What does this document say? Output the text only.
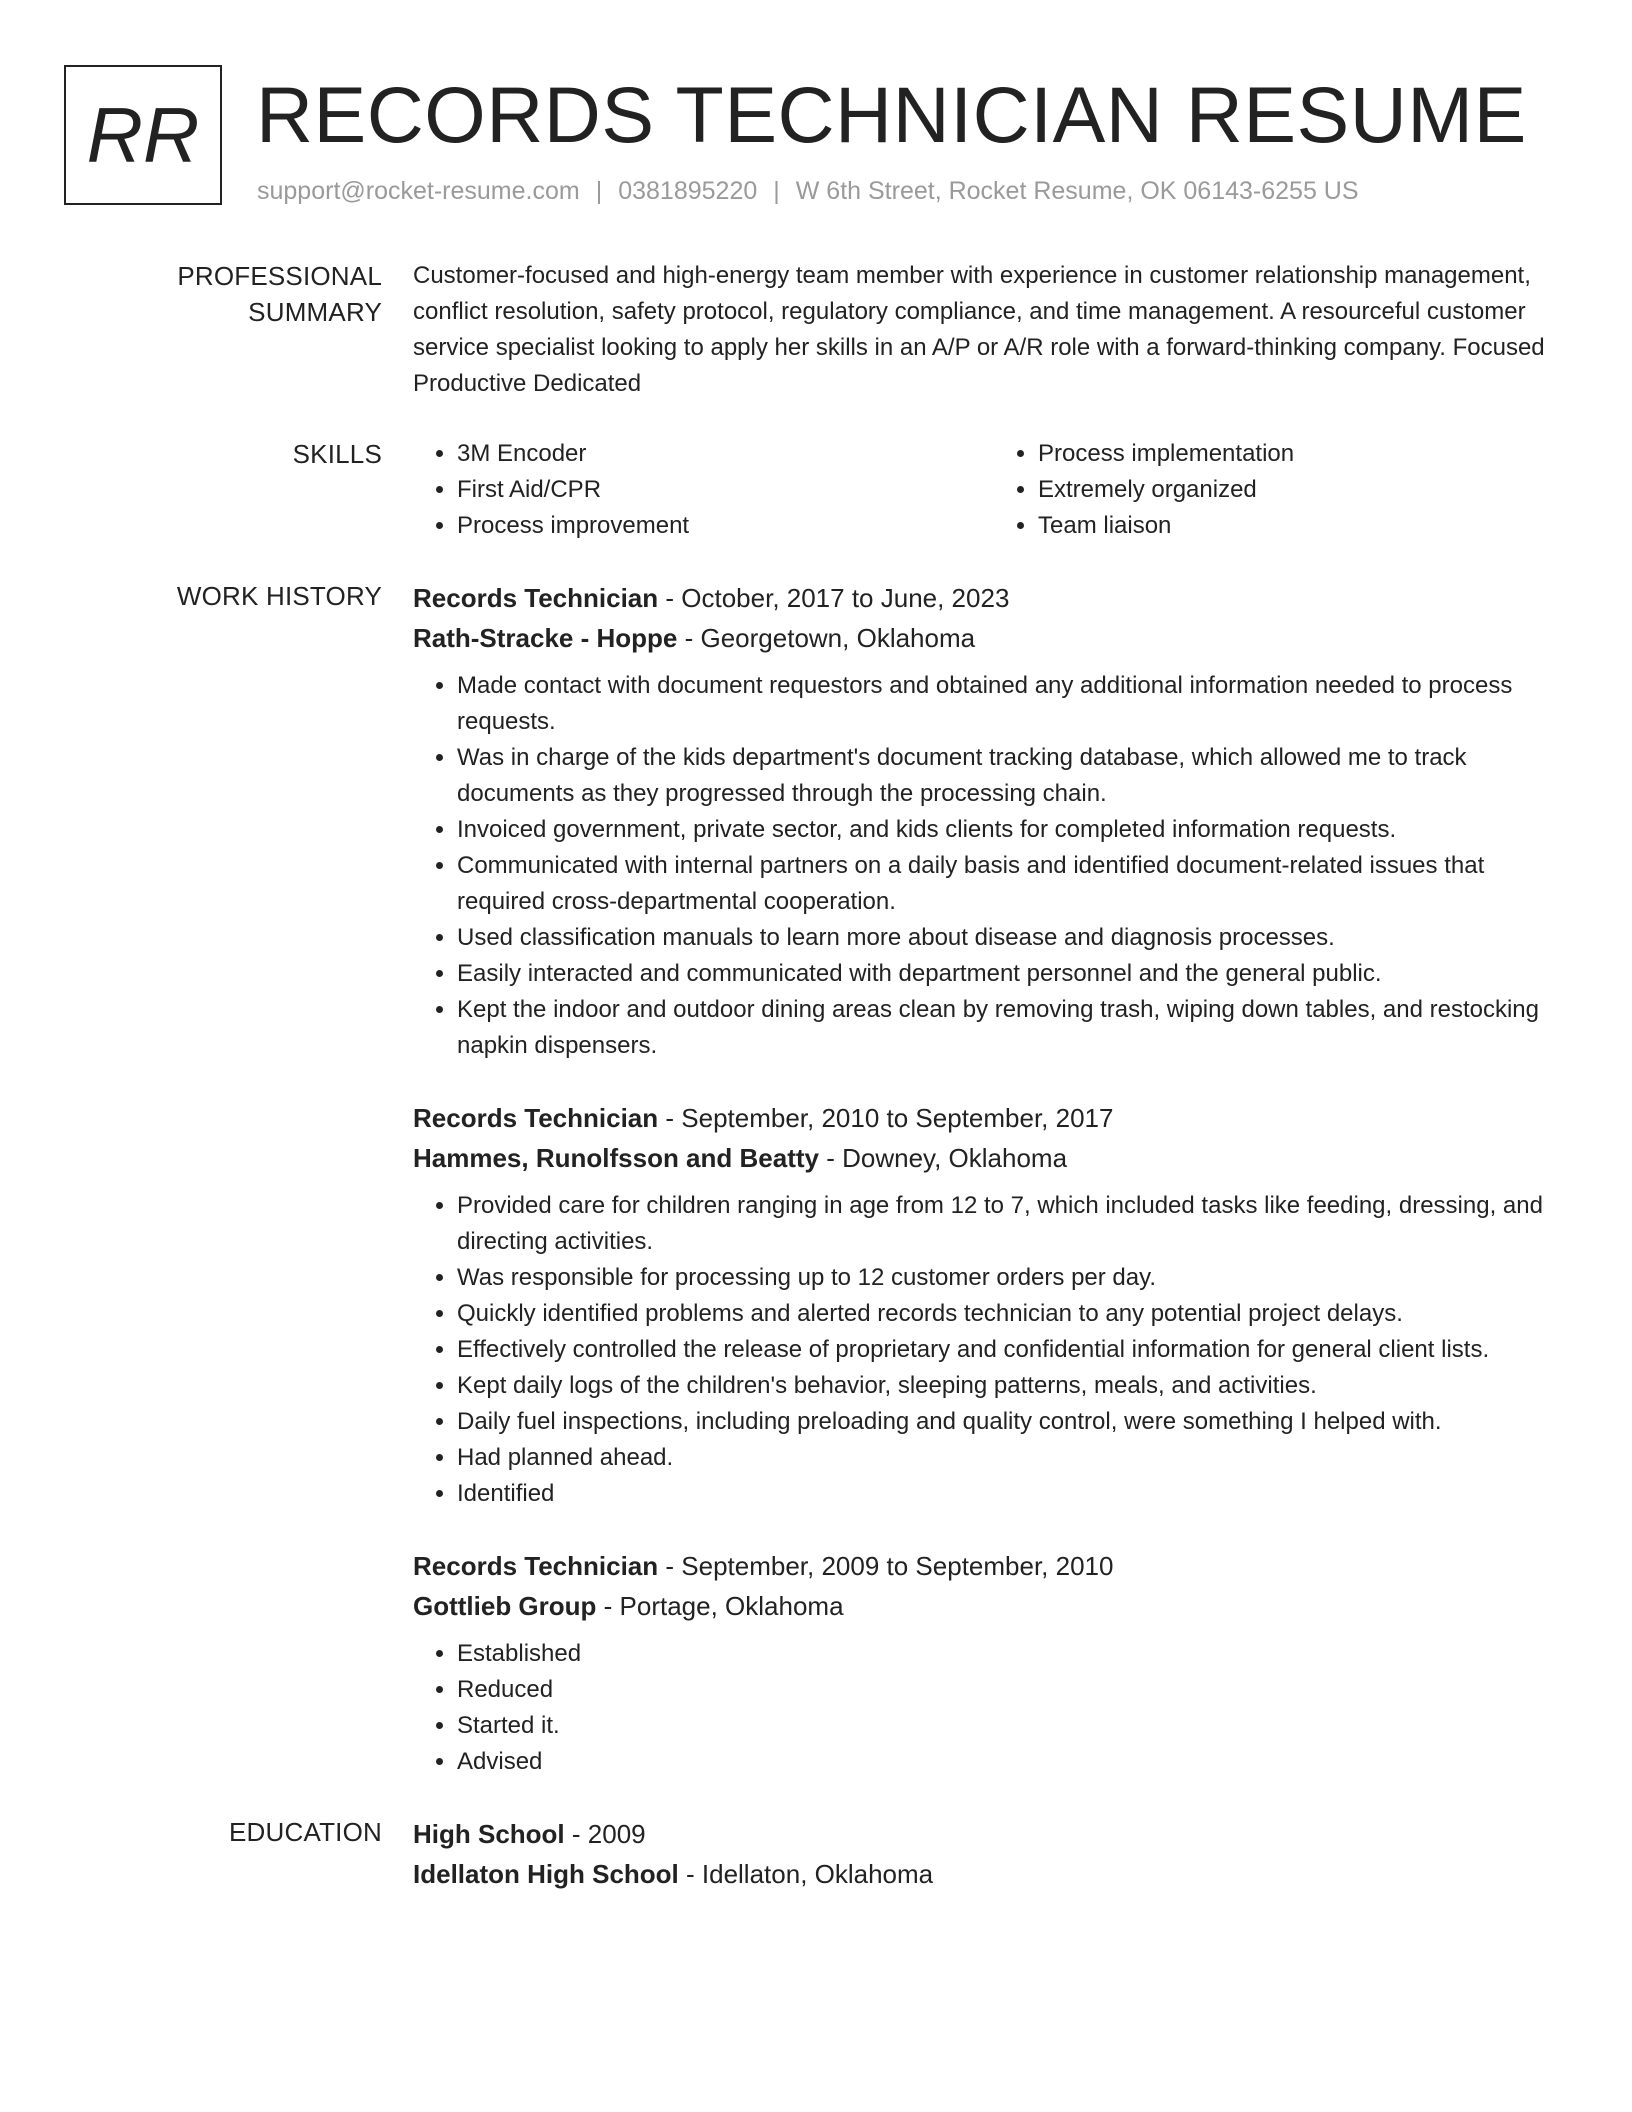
RR RECORDS TECHNICIAN RESUME
support@rocket-resume.com | 0381895220 | W 6th Street, Rocket Resume, OK 06143-6255 US
PROFESSIONAL SUMMARY

Customer-focused and high-energy team member with experience in customer relationship management, conflict resolution, safety protocol, regulatory compliance, and time management. A resourceful customer service specialist looking to apply her skills in an A/P or A/R role with a forward-thinking company. Focused Productive Dedicated

SKILLS
•	3M Encoder
• First Aid/CPR
• Process improvement
• Process implementation
• Extremely organized
• Team liaison
WORK HISTORY	Records Technician - October, 2017 to June, 2023
Rath-Stracke - Hoppe - Georgetown, Oklahoma
• Made contact with document requestors and obtained any additional information needed to process requests.
• Was in charge of the kids department's document tracking database, which allowed me to track documents as they progressed through the processing chain.
• Invoiced government, private sector, and kids clients for completed information requests.
• Communicated with internal partners on a daily basis and identified document-related issues that required cross-departmental cooperation.
• Used classification manuals to learn more about disease and diagnosis processes.
• Easily interacted and communicated with department personnel and the general public.
• Kept the indoor and outdoor dining areas clean by removing trash, wiping down tables, and restocking napkin dispensers.
Records Technician - September, 2010 to September, 2017
Hammes, Runolfsson and Beatty - Downey, Oklahoma
• Provided care for children ranging in age from 12 to 7, which included tasks like feeding, dressing, and directing activities.
• Was responsible for processing up to 12 customer orders per day.
• Quickly identified problems and alerted records technician to any potential project delays.
• Effectively controlled the release of proprietary and confidential information for general client lists.
• Kept daily logs of the children's behavior, sleeping patterns, meals, and activities.
• Daily fuel inspections, including preloading and quality control, were something I helped with.
• Had planned ahead.
• Identified
Records Technician - September, 2009 to September, 2010
Gottlieb Group - Portage, Oklahoma
• Established
• Reduced
• Started it.
• Advised
EDUCATION	High School - 2009
Idellaton High School - Idellaton, Oklahoma
